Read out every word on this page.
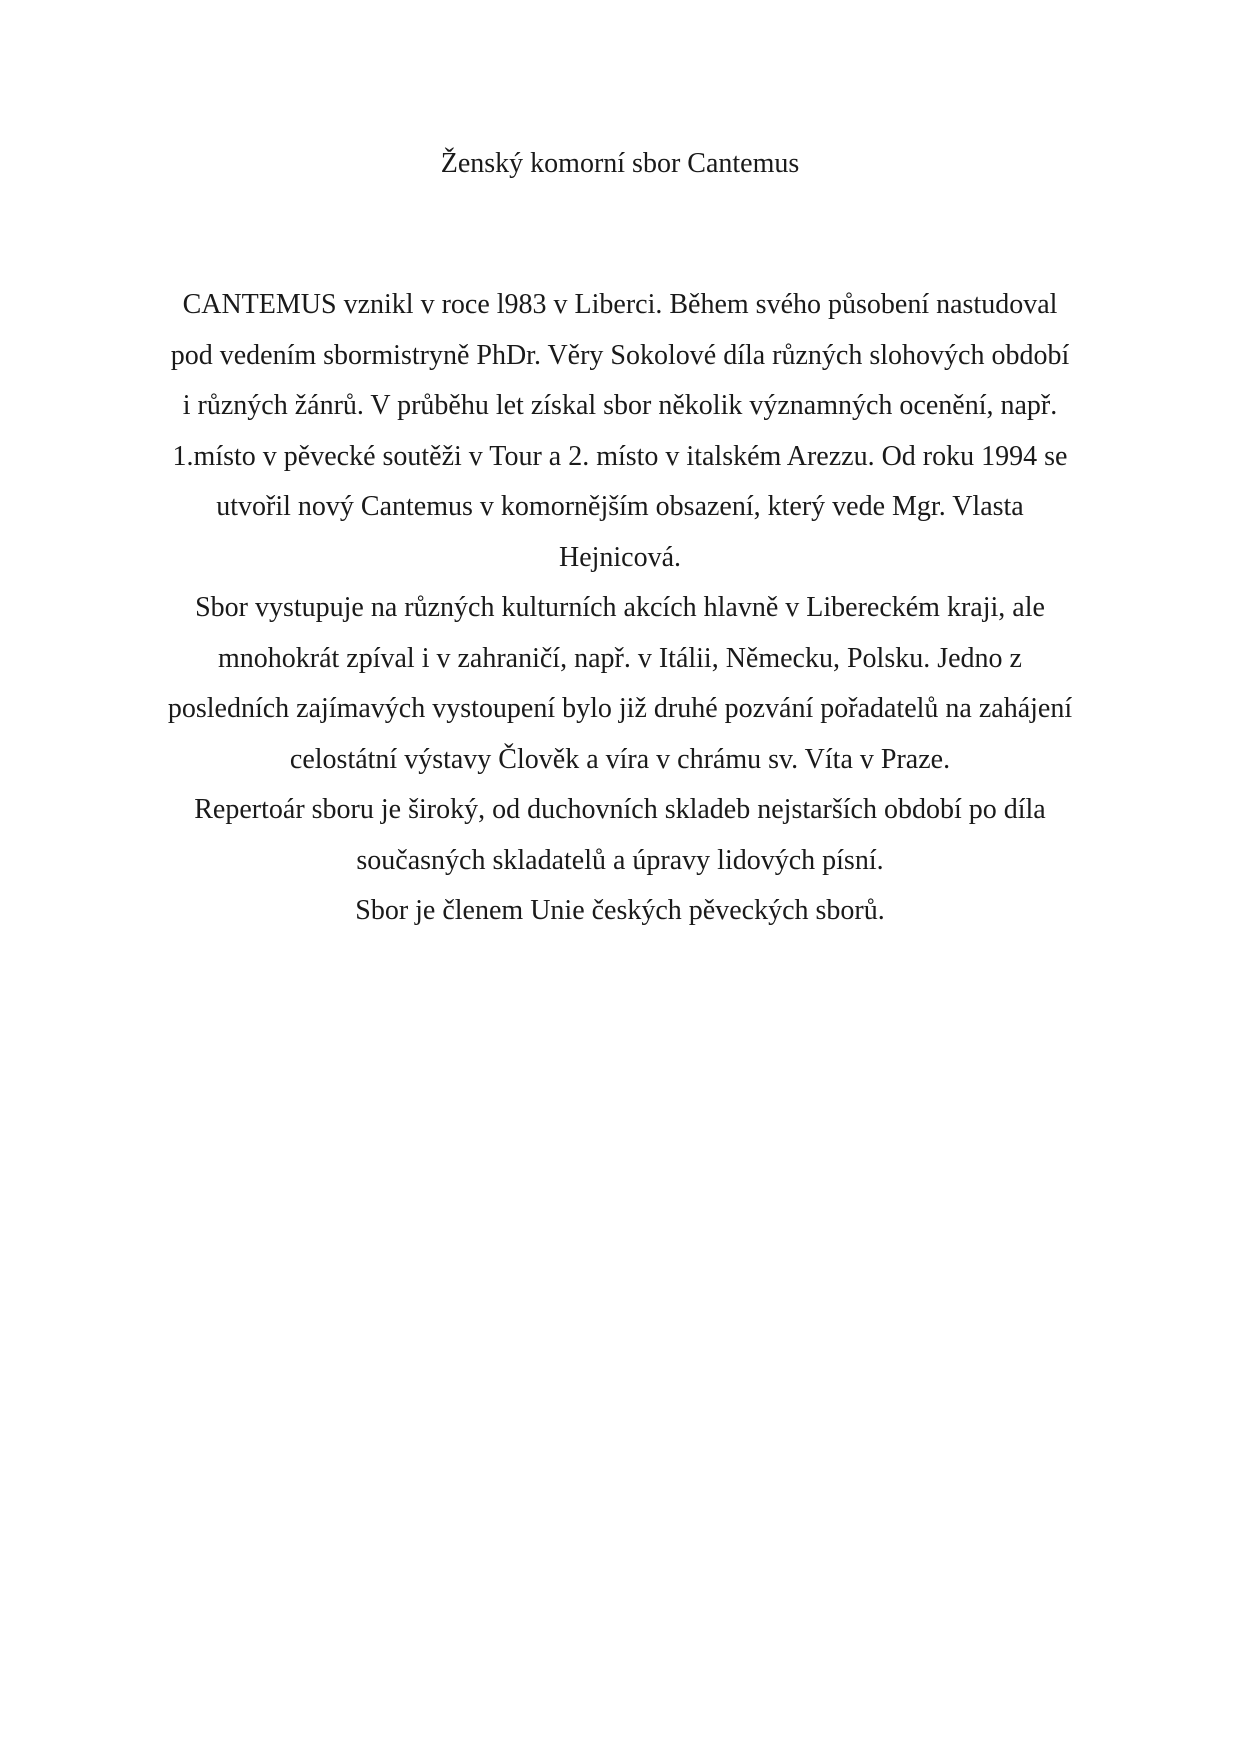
Ženský komorní sbor Cantemus
CANTEMUS vznikl v roce l983 v Liberci. Během svého působení nastudoval
pod vedením sbormistryně PhDr. Věry Sokolové díla různých slohových období
i různých žánrů. V průběhu let získal sbor několik významných ocenění, např.
1.místo v pěvecké soutěži v Tour a 2. místo v italském Arezzu. Od roku 1994 se
utvořil nový Cantemus v komornějším obsazení, který vede Mgr. Vlasta
Hejnicová.
Sbor vystupuje na různých kulturních akcích hlavně v Libereckém kraji, ale
mnohokrát zpíval i v zahraničí, např. v Itálii, Německu, Polsku. Jedno z
posledních zajímavých vystoupení bylo již druhé pozvání pořadatelů na zahájení
celostátní výstavy Člověk a víra v chrámu sv. Víta v Praze.
Repertoár sboru je široký, od duchovních skladeb nejstarších období po díla
současných skladatelů a úpravy lidových písní.
Sbor je členem Unie českých pěveckých sborů.
